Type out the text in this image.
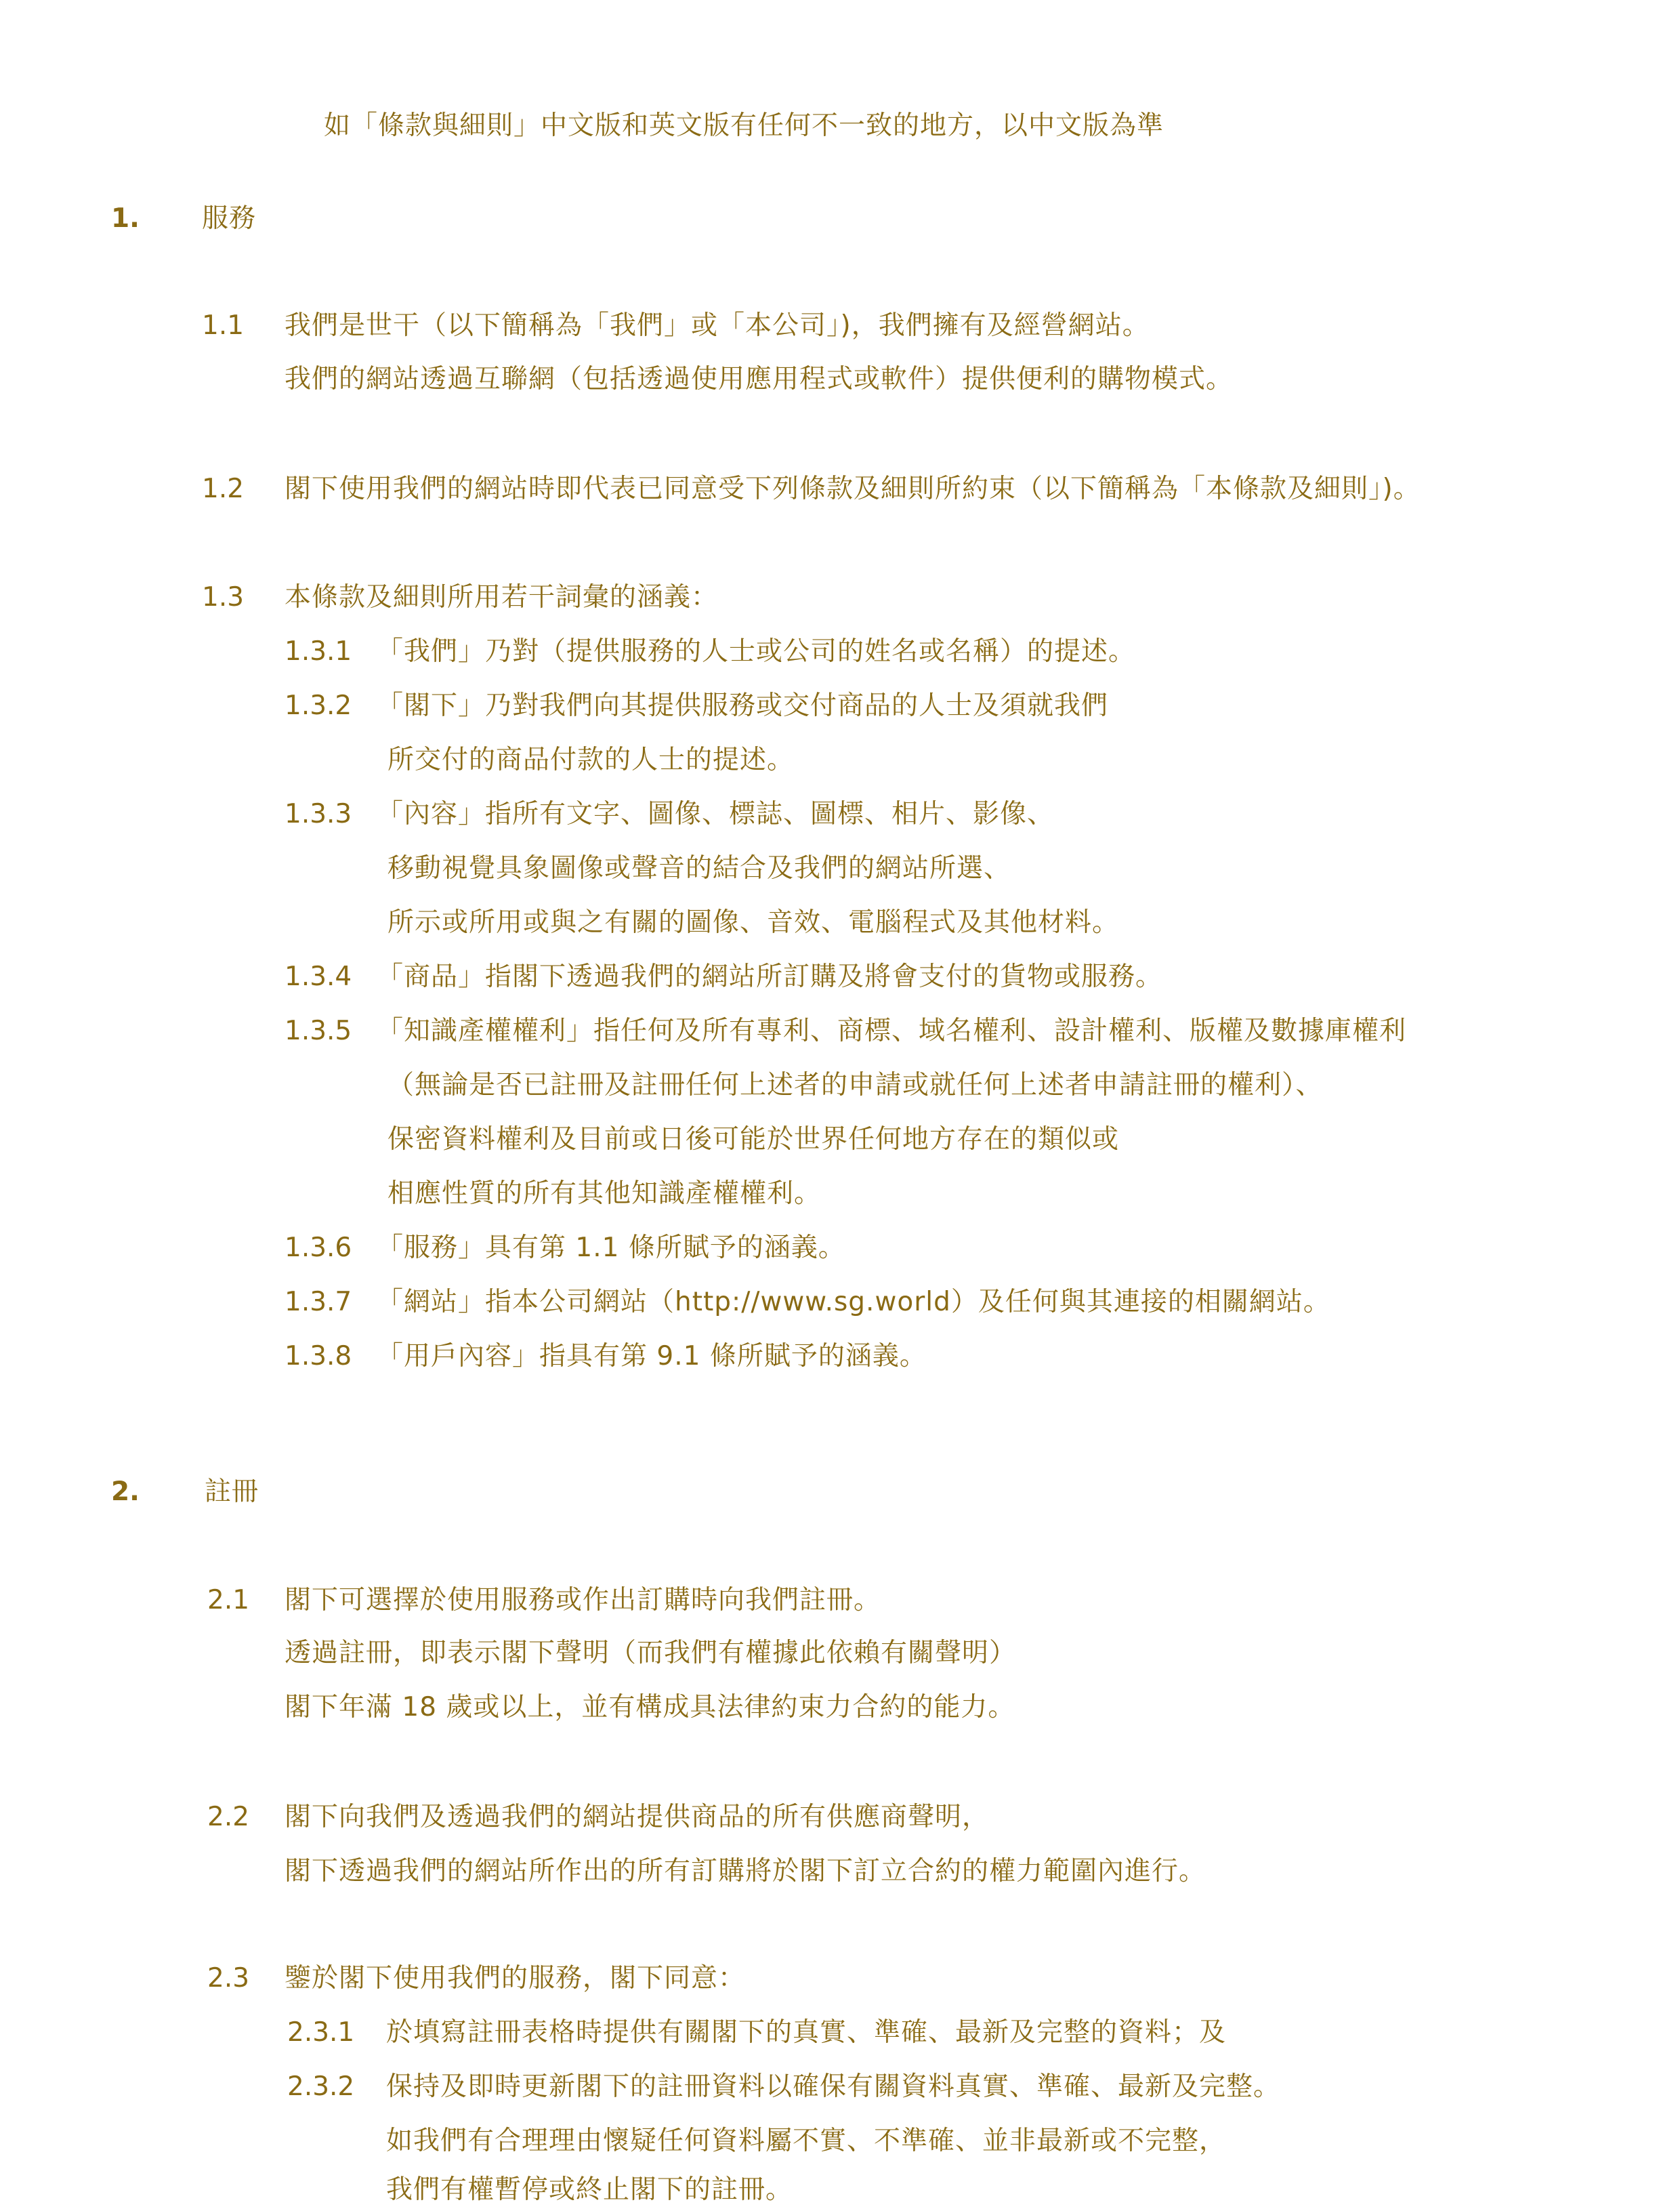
如「條款與細則」中文版和英文版有任何不一致的地方，以中文版為準
1. 服務
1.1 我們是世干（以下簡稱為「我們」或「本公司」)，我們擁有及經營網站。
我們的網站透過互聯網（包括透過使用應用程式或軟件）提供便利的購物模式。
1.2 閣下使用我們的網站時即代表已同意受下列條款及細則所約束（以下簡稱為「本條款及細則」)。
1.3 本條款及細則所用若干詞彙的涵義：
1.3.1 「我們」乃對（提供服務的人士或公司的姓名或名稱）的提述。
1.3.2 「閣下」乃對我們向其提供服務或交付商品的人士及須就我們
所交付的商品付款的人士的提述。
1.3.3 「內容」指所有文字、圖像、標誌、圖標、相片、影像、
移動視覺具象圖像或聲音的結合及我們的網站所選、
所示或所用或與之有關的圖像、音效、電腦程式及其他材料。
1.3.4 「商品」指閣下透過我們的網站所訂購及將會支付的貨物或服務。
1.3.5 「知識產權權利」指任何及所有專利、商標、域名權利、設計權利、版權及數據庫權利
（無論是否已註冊及註冊任何上述者的申請或就任何上述者申請註冊的權利）、
保密資料權利及目前或日後可能於世界任何地方存在的類似或
相應性質的所有其他知識產權權利。
1.3.6 「服務」具有第 1.1 條所賦予的涵義。
1.3.7 「網站」指本公司網站（http://www.sg.world）及任何與其連接的相關網站。
1.3.8 「用戶內容」指具有第 9.1 條所賦予的涵義。
2. 註冊
2.1 閣下可選擇於使用服務或作出訂購時向我們註冊。
透過註冊，即表示閣下聲明（而我們有權據此依賴有關聲明）
閣下年滿 18 歲或以上，並有構成具法律約束力合約的能力。
2.2 閣下向我們及透過我們的網站提供商品的所有供應商聲明，
閣下透過我們的網站所作出的所有訂購將於閣下訂立合約的權力範圍內進行。
2.3 鑒於閣下使用我們的服務，閣下同意：
2.3.1 於填寫註冊表格時提供有關閣下的真實、準確、最新及完整的資料；及
2.3.2 保持及即時更新閣下的註冊資料以確保有關資料真實、準確、最新及完整。
如我們有合理理由懷疑任何資料屬不實、不準確、並非最新或不完整，
我們有權暫停或終止閣下的註冊。
